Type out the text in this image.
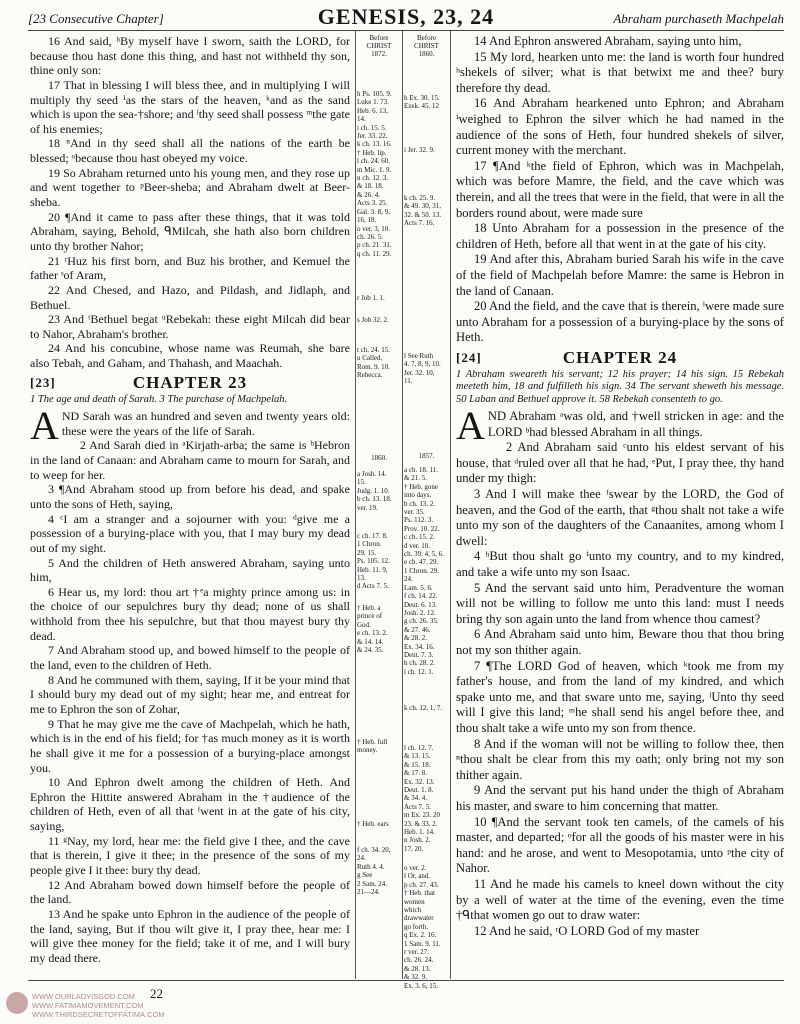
[23 Consecutive Chapter]	GENESIS, 23, 24	Abraham purchaseth Machpelah

16 And said, ʰBy myself have I sworn, saith the LORD, for because thou hast done this thing, and hast not withheld thy son, thine only son:

17 That in blessing I will bless thee, and in multiplying I will multiply thy seed ⁱas the stars of the heaven, ᵏand as the sand which is upon the sea-†shore; and ˡthy seed shall possess ᵐthe gate of his enemies;

18 ⁿAnd in thy seed shall all the nations of the earth be blessed; ᵒbecause thou hast obeyed my voice.

19 So Abraham returned unto his young men, and they rose up and went together to ᵖBeer-sheba; and Abraham dwelt at Beer-sheba.

20 ¶And it came to pass after these things, that it was told Abraham, saying, Behold, ᑫMilcah, she hath also born children unto thy brother Nahor;

21 ʳHuz his first born, and Buz his brother, and Kemuel the father ˢof Aram,

22 And Chesed, and Hazo, and Pildash, and Jidlaph, and Bethuel.

23 And ᵗBethuel begat ᵘRebekah: these eight Milcah did bear to Nahor, Abraham's brother.

24 And his concubine, whose name was Reumah, she bare also Tebah, and Gaham, and Thahash, and Maachah.

[23]	CHAPTER 23

1 The age and death of Sarah. 3 The purchase of Machpelah.

AND Sarah was an hundred and seven and twenty years old: these were the years of the life of Sarah.

2 And Sarah died in ᵃKirjath-arba; the same is ᵇHebron in the land of Canaan: and Abraham came to mourn for Sarah, and to weep for her.

3 ¶And Abraham stood up from before his dead, and spake unto the sons of Heth, saying,

4 ᶜI am a stranger and a sojourner with you: ᵈgive me a possession of a burying-place with you, that I may bury my dead out of my sight.

5 And the children of Heth answered Abraham, saying unto him,

6 Hear us, my lord: thou art †ᵉa mighty prince among us: in the choice of our sepulchres bury thy dead; none of us shall withhold from thee his sepulchre, but that thou mayest bury thy dead.

7 And Abraham stood up, and bowed himself to the people of the land, even to the children of Heth.

8 And he communed with them, saying, If it be your mind that I should bury my dead out of my sight; hear me, and entreat for me to Ephron the son of Zohar,

9 That he may give me the cave of Machpelah, which he hath, which is in the end of his field; for †as much money as it is worth he shall give it me for a possession of a burying-place amongst you.

10 And Ephron dwelt among the children of Heth. And Ephron the Hittite answered Abraham in the †audience of the children of Heth, even of all that ᶠwent in at the gate of his city, saying,

11 ᵍNay, my lord, hear me: the field give I thee, and the cave that is therein, I give it thee; in the presence of the sons of my people give I it thee: bury thy dead.

12 And Abraham bowed down himself before the people of the land.

13 And he spake unto Ephron in the audience of the people of the land, saying, But if thou wilt give it, I pray thee, hear me: I will give thee money for the field; take it of me, and I will bury my dead there.

Before
CHRIST
1872.
h Ps. 105. 9.
Luke 1. 73.
Heb. 6. 13,
14.
i ch. 15. 5.
Jer. 33. 22.
k ch. 13. 16.
† Heb. lip.
l ch. 24. 60.
m Mic. 1. 9.
n ch. 12. 3.
& 18. 18.
& 26. 4.
Acts 3. 25.
Gal. 3. 8, 9,
16, 18.
o ver. 3, 10.
ch. 26. 5.
p ch. 21. 31.
q ch. 11. 29.
r Job 1. 1.
s Job 32. 2.
t ch. 24. 15.
u Called,
Rom. 9. 10.
Rebecca.
1860.
a Josh. 14.
15.
Judg. 1. 10.
b ch. 13. 18.
ver. 19.
c ch. 17. 8.
1 Chron.
29. 15.
Ps. 105. 12.
Heb. 11. 9,
13.
d Acts 7. 5.
† Heb. a
prince of
God.
e ch. 13. 2.
& 14. 14.
& 24. 35.
† Heb. full
money.
† Heb. ears
f ch. 34. 20,
24.
Ruth 4. 4.
g See
2 Sam. 24.
21—24.
Before
CHRIST
1860.
h Ex. 30. 15.
Ezek. 45. 12
i Jer. 32. 9.
k ch. 25. 9.
& 49. 30, 31,
32. & 50. 13.
Acts 7. 16.
l See Ruth
4. 7, 8, 9, 10.
Jer. 32. 10,
11.
1857.
a ch. 18. 11.
& 21. 5.
† Heb. gone
into days.
b ch. 13. 2.
ver. 35.
Ps. 112. 3.
Prov. 10. 22.
c ch. 15. 2.
d ver. 10.
ch. 39. 4, 5, 6.
e ch. 47. 29.
1 Chron. 29.
24.
Lam. 5. 6.
f ch. 14. 22.
Deut. 6. 13.
Josh. 2. 12.
g ch. 26. 35.
& 27. 46.
& 28. 2.
Ex. 34. 16.
Deut. 7. 3.
h ch. 28. 2.
i ch. 12. 1.
k ch. 12. 1, 7.
l ch. 12. 7.
& 13. 15.
& 15. 18.
& 17. 8.
Ex. 32. 13.
Deut. 1. 8.
& 34. 4.
Acts 7. 5.
m Ex. 23. 20
23. & 33. 2.
Heb. 1. 14.
n Josh. 2.
17, 20.
o ver. 2.
‖ Or, and.
p ch. 27. 43.
† Heb. that
women
which
drawwater
go forth.
q Ex. 2. 16.
1 Sam. 9. 11.
r ver. 27.
ch. 26. 24.
& 28. 13.
& 32. 9.
Ex. 3. 6, 15.

14 And Ephron answered Abraham, saying unto him,

15 My lord, hearken unto me: the land is worth four hundred ʰshekels of silver; what is that betwixt me and thee? bury therefore thy dead.

16 And Abraham hearkened unto Ephron; and Abraham ⁱweighed to Ephron the silver which he had named in the audience of the sons of Heth, four hundred shekels of silver, current money with the merchant.

17 ¶And ᵏthe field of Ephron, which was in Machpelah, which was before Mamre, the field, and the cave which was therein, and all the trees that were in the field, that were in all the borders round about, were made sure

18 Unto Abraham for a possession in the presence of the children of Heth, before all that went in at the gate of his city.

19 And after this, Abraham buried Sarah his wife in the cave of the field of Machpelah before Mamre: the same is Hebron in the land of Canaan.

20 And the field, and the cave that is therein, ˡwere made sure unto Abraham for a possession of a burying-place by the sons of Heth.

[24]	CHAPTER 24

1 Abraham sweareth his servant; 12 his prayer; 14 his sign. 15 Rebekah meeteth him, 18 and fulfilleth his sign. 34 The servant sheweth his message. 50 Laban and Bethuel approve it. 58 Rebekah consenteth to go.

AND Abraham ᵃwas old, and †well stricken in age: and the LORD ᵇhad blessed Abraham in all things.

2 And Abraham said ᶜunto his eldest servant of his house, that ᵈruled over all that he had, ᵉPut, I pray thee, thy hand under my thigh:

3 And I will make thee ᶠswear by the LORD, the God of heaven, and the God of the earth, that ᵍthou shalt not take a wife unto my son of the daughters of the Canaanites, among whom I dwell:

4 ʰBut thou shalt go ⁱunto my country, and to my kindred, and take a wife unto my son Isaac.

5 And the servant said unto him, Peradventure the woman will not be willing to follow me unto this land: must I needs bring thy son again unto the land from whence thou camest?

6 And Abraham said unto him, Beware thou that thou bring not my son thither again.

7 ¶The LORD God of heaven, which ᵏtook me from my father's house, and from the land of my kindred, and which spake unto me, and that sware unto me, saying, ˡUnto thy seed will I give this land; ᵐhe shall send his angel before thee, and thou shalt take a wife unto my son from thence.

8 And if the woman will not be willing to follow thee, then ⁿthou shalt be clear from this my oath; only bring not my son thither again.

9 And the servant put his hand under the thigh of Abraham his master, and sware to him concerning that matter.

10 ¶And the servant took ten camels, of the camels of his master, and departed; ᵒfor all the goods of his master were in his hand: and he arose, and went to Mesopotamia, unto ᵖthe city of Nahor.

11 And he made his camels to kneel down without the city by a well of water at the time of the evening, even the time †ᑫthat women go out to draw water:

12 And he said, ʳO LORD God of my master

WWW.OURLADYISGOD.COM
WWW.FATIMAMOVEMENT.COM
WWW.THIRDSECRETOFFATIMA.COM
22
